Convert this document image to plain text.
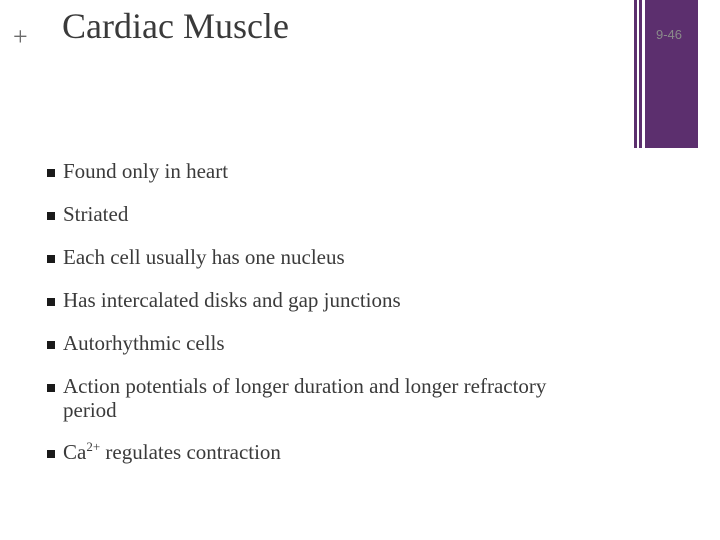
+ Cardiac Muscle	9-46
Found only in heart
Striated
Each cell usually has one nucleus
Has intercalated disks and gap junctions
Autorhythmic cells
Action potentials of longer duration and longer refractory
period
$Ca^{2+}$ regulates contraction
